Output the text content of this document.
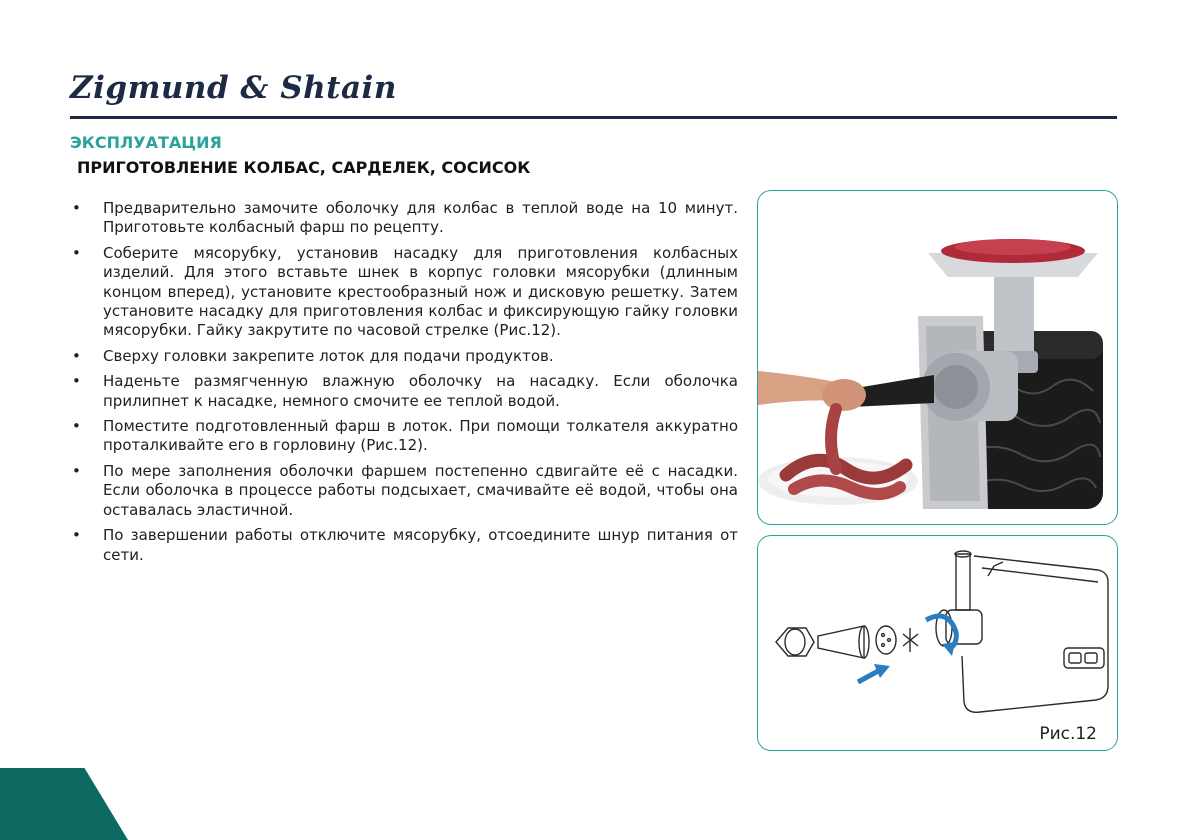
Zigmund & Shtain
ЭКСПЛУАТАЦИЯ
ПРИГОТОВЛЕНИЕ КОЛБАС, САРДЕЛЕК, СОСИСОК
• Предварительно замочите оболочку для колбас в теплой воде на 10 минут. Приготовьте колбасный фарш по рецепту.
• Соберите мясорубку, установив насадку для приготовления колбасных изделий. Для этого вставьте шнек в корпус головки мясорубки (длинным концом вперед), установите крестообразный нож и дисковую решетку. Затем установите насадку для приготовления колбас и фиксирующую гайку головки мясорубки. Гайку закрутите по часовой стрелке (Рис.12).
• Сверху головки закрепите лоток для подачи продуктов.
• Наденьте размягченную влажную оболочку на насадку. Если оболочка прилипнет к насадке, немного смочите ее теплой водой.
• Поместите подготовленный фарш в лоток. При помощи толкателя аккуратно проталкивайте его в горловину (Рис.12).
• По мере заполнения оболочки фаршем постепенно сдвигайте её с насадки. Если оболочка в процессе работы подсыхает, смачивайте её водой, чтобы она оставалась эластичной.
• По завершении работы отключите мясорубку, отсоедините шнур питания от сети.
Рис.12
